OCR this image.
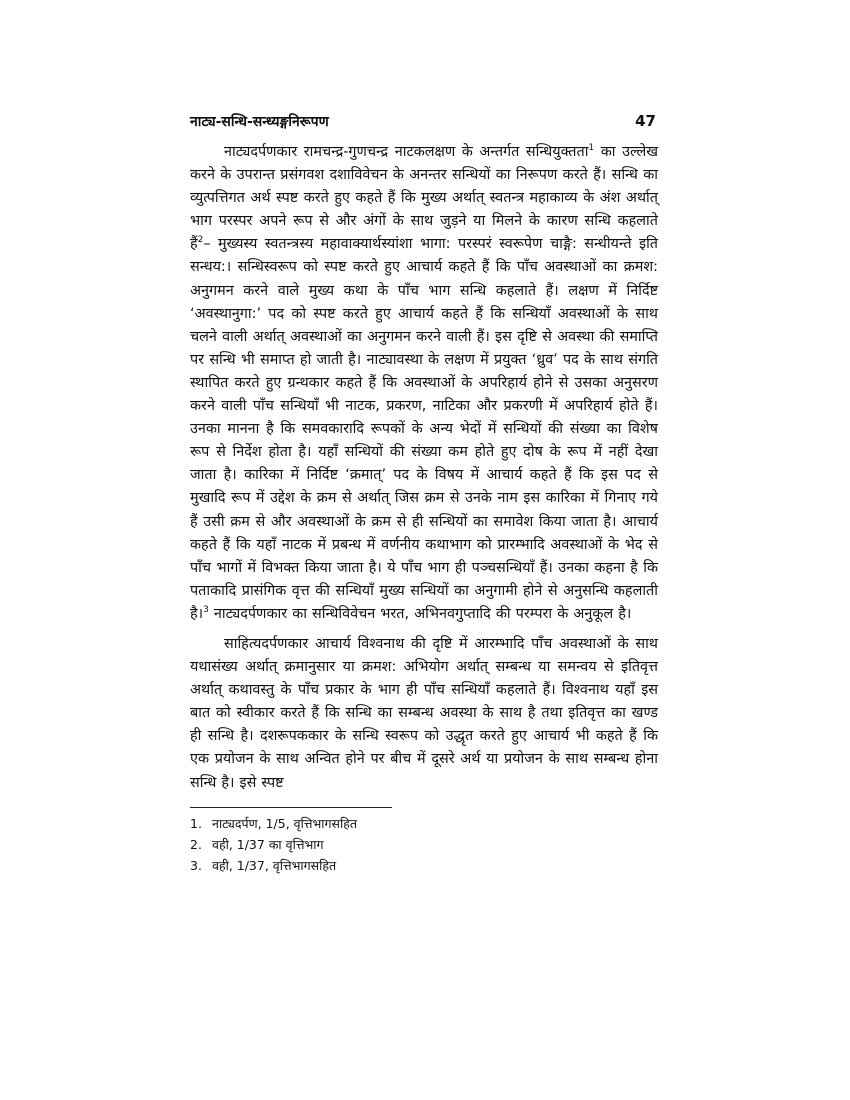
नाट्य-सन्धि-सन्ध्यङ्गनिरूपण	47

नाट्यदर्पणकार रामचन्द्र-गुणचन्द्र नाटकलक्षण के अन्तर्गत सन्धियुक्तता$^1$ का उल्लेख करने के उपरान्त प्रसंगवश दशाविवेचन के अनन्तर सन्धियों का निरूपण करते हैं। सन्धि का व्युत्पत्तिगत अर्थ स्पष्ट करते हुए कहते हैं कि मुख्य अर्थात् स्वतन्त्र महाकाव्य के अंश अर्थात् भाग परस्पर अपने रूप से और अंगों के साथ जुड़ने या मिलने के कारण सन्धि कहलाते हैं$^2$– मुख्यस्य स्वतन्त्रस्य महावाक्यार्थस्यांशा भागा: परस्परं स्वरूपेण चाङ्गै: सन्धीयन्ते इति सन्धय:। सन्धिस्वरूप को स्पष्ट करते हुए आचार्य कहते हैं कि पाँच अवस्थाओं का क्रमश: अनुगमन करने वाले मुख्य कथा के पाँच भाग सन्धि कहलाते हैं। लक्षण में निर्दिष्ट ‘अवस्थानुगा:’ पद को स्पष्ट करते हुए आचार्य कहते हैं कि सन्धियाँ अवस्थाओं के साथ चलने वाली अर्थात् अवस्थाओं का अनुगमन करने वाली हैं। इस दृष्टि से अवस्था की समाप्ति पर सन्धि भी समाप्त हो जाती है। नाट्यावस्था के लक्षण में प्रयुक्त ‘ध्रुव’ पद के साथ संगति स्थापित करते हुए ग्रन्थकार कहते हैं कि अवस्थाओं के अपरिहार्य होने से उसका अनुसरण करने वाली पाँच सन्धियाँ भी नाटक, प्रकरण, नाटिका और प्रकरणी में अपरिहार्य होते हैं। उनका मानना है कि समवकारादि रूपकों के अन्य भेदों में सन्धियों की संख्या का विशेष रूप से निर्देश होता है। यहाँ सन्धियों की संख्या कम होते हुए दोष के रूप में नहीं देखा जाता है। कारिका में निर्दिष्ट ‘क्रमात्’ पद के विषय में आचार्य कहते हैं कि इस पद से मुखादि रूप में उद्देश के क्रम से अर्थात् जिस क्रम से उनके नाम इस कारिका में गिनाए गये हैं उसी क्रम से और अवस्थाओं के क्रम से ही सन्धियों का समावेश किया जाता है। आचार्य कहते हैं कि यहाँ नाटक में प्रबन्ध में वर्णनीय कथाभाग को प्रारम्भादि अवस्थाओं के भेद से पाँच भागों में विभक्त किया जाता है। ये पाँच भाग ही पञ्चसन्धियाँ हैं। उनका कहना है कि पताकादि प्रासंगिक वृत्त की सन्धियाँ मुख्य सन्धियों का अनुगामी होने से अनुसन्धि कहलाती है।$^3$ नाट्यदर्पणकार का सन्धिविवेचन भरत, अभिनवगुप्तादि की परम्परा के अनुकूल है।

साहित्यदर्पणकार आचार्य विश्वनाथ की दृष्टि में आरम्भादि पाँच अवस्थाओं के साथ यथासंख्य अर्थात् क्रमानुसार या क्रमश: अभियोग अर्थात् सम्बन्ध या समन्वय से इतिवृत्त अर्थात् कथावस्तु के पाँच प्रकार के भाग ही पाँच सन्धियाँ कहलाते हैं। विश्वनाथ यहाँ इस बात को स्वीकार करते हैं कि सन्धि का सम्बन्ध अवस्था के साथ है तथा इतिवृत्त का खण्ड ही सन्धि है। दशरूपककार के सन्धि स्वरूप को उद्धृत करते हुए आचार्य भी कहते हैं कि एक प्रयोजन के साथ अन्वित होने पर बीच में दूसरे अर्थ या प्रयोजन के साथ सम्बन्ध होना सन्धि है। इसे स्पष्ट

1. नाट्यदर्पण, 1/5, वृत्तिभागसहित
2. वही, 1/37 का वृत्तिभाग
3. वही, 1/37, वृत्तिभागसहित
